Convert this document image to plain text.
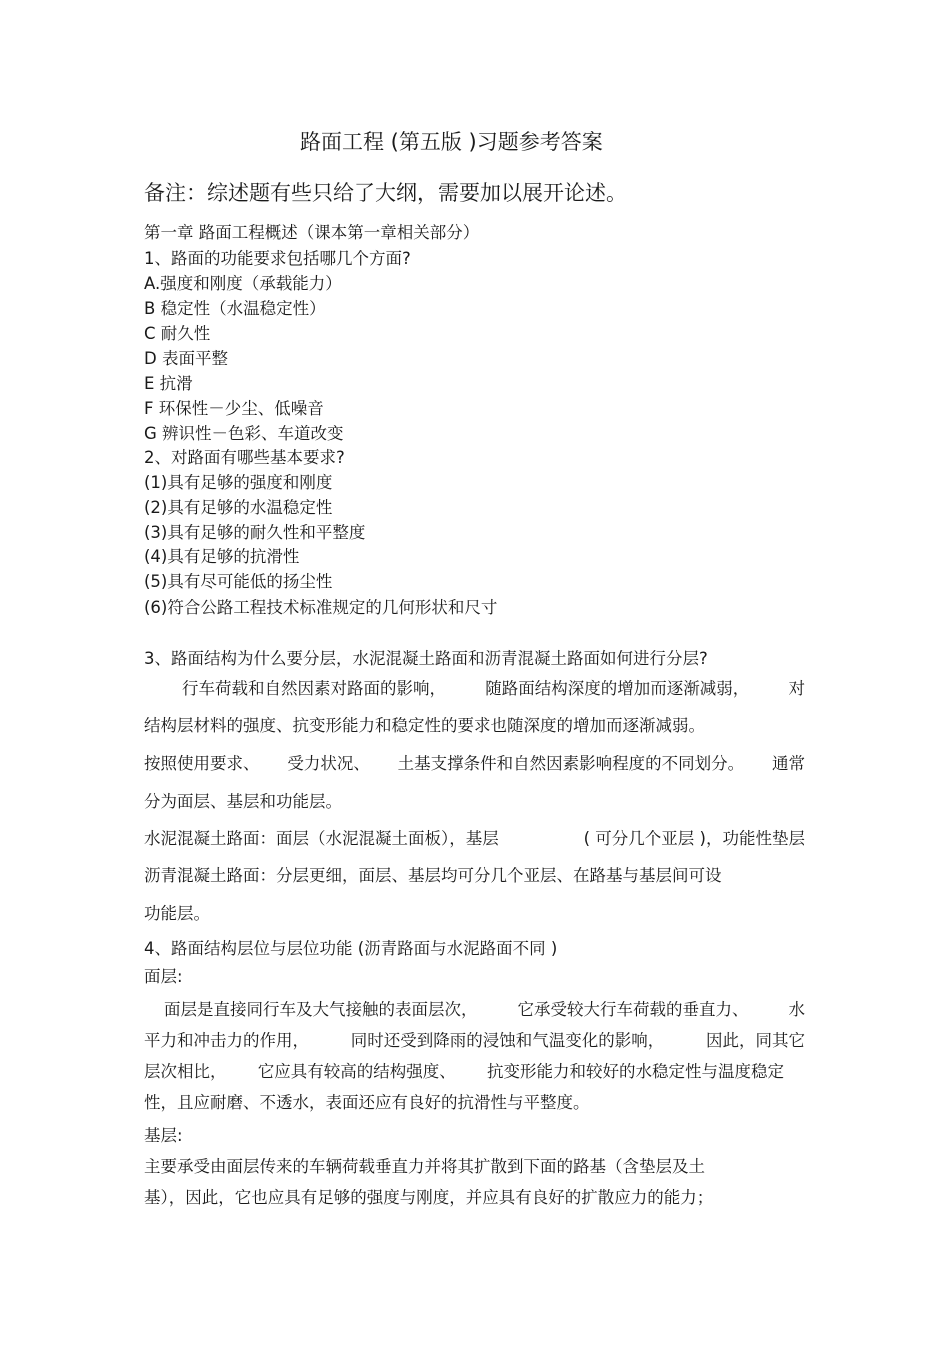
路面工程 (第五版 )习题参考答案
备注：综述题有些只给了大纲，需要加以展开论述。
第一章 路面工程概述（课本第一章相关部分）
1、路面的功能要求包括哪几个方面?
A.强度和刚度（承载能力）
B 稳定性（水温稳定性）
C 耐久性
D 表面平整
E 抗滑
F 环保性－少尘、低噪音
G 辨识性－色彩、车道改变
2、对路面有哪些基本要求?
(1)具有足够的强度和刚度
(2)具有足够的水温稳定性
(3)具有足够的耐久性和平整度
(4)具有足够的抗滑性
(5)具有尽可能低的扬尘性
(6)符合公路工程技术标准规定的几何形状和尺寸
3、路面结构为什么要分层，水泥混凝土路面和沥青混凝土路面如何进行分层?
行车荷载和自然因素对路面的影响， 随路面结构深度的增加而逐渐减弱， 对
结构层材料的强度、抗变形能力和稳定性的要求也随深度的增加而逐渐减弱。
按照使用要求、 受力状况、 土基支撑条件和自然因素影响程度的不同划分。 通常
分为面层、基层和功能层。
水泥混凝土路面：面层（水泥混凝土面板），基层	( 可分几个亚层 )，功能性垫层
沥青混凝土路面：分层更细，面层、基层均可分几个亚层、在路基与基层间可设
功能层。
4、路面结构层位与层位功能 (沥青路面与水泥路面不同 )
面层:
面层是直接同行车及大气接触的表面层次， 它承受较大行车荷载的垂直力、 水
平力和冲击力的作用，	同时还受到降雨的浸蚀和气温变化的影响，	因此，同其它
层次相比， 它应具有较高的结构强度、 抗变形能力和较好的水稳定性与温度稳定
性，且应耐磨、不透水，表面还应有良好的抗滑性与平整度。
基层:
主要承受由面层传来的车辆荷载垂直力并将其扩散到下面的路基（含垫层及土
基），因此，它也应具有足够的强度与刚度，并应具有良好的扩散应力的能力；
